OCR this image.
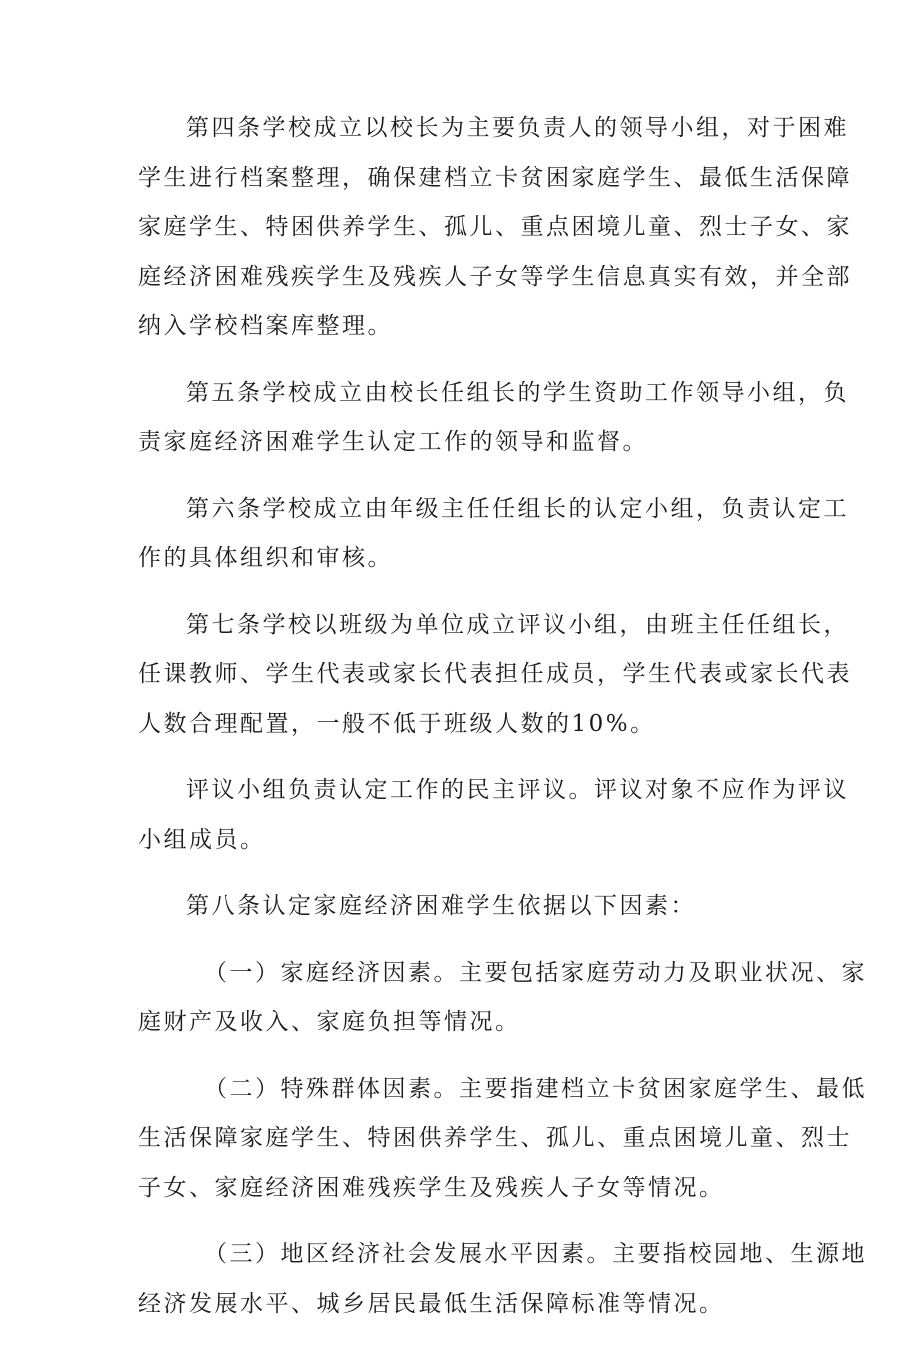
第四条学校成立以校长为主要负责人的领导小组，对于困难
学生进行档案整理，确保建档立卡贫困家庭学生、最低生活保障
家庭学生、特困供养学生、孤儿、重点困境儿童、烈士子女、家
庭经济困难残疾学生及残疾人子女等学生信息真实有效，并全部
纳入学校档案库整理。

第五条学校成立由校长任组长的学生资助工作领导小组，负
责家庭经济困难学生认定工作的领导和监督。

第六条学校成立由年级主任任组长的认定小组，负责认定工
作的具体组织和审核。

第七条学校以班级为单位成立评议小组，由班主任任组长，
任课教师、学生代表或家长代表担任成员，学生代表或家长代表
人数合理配置，一般不低于班级人数的10%。

评议小组负责认定工作的民主评议。评议对象不应作为评议
小组成员。

第八条认定家庭经济困难学生依据以下因素：

（一）家庭经济因素。主要包括家庭劳动力及职业状况、家
庭财产及收入、家庭负担等情况。

（二）特殊群体因素。主要指建档立卡贫困家庭学生、最低
生活保障家庭学生、特困供养学生、孤儿、重点困境儿童、烈士
子女、家庭经济困难残疾学生及残疾人子女等情况。

（三）地区经济社会发展水平因素。主要指校园地、生源地
经济发展水平、城乡居民最低生活保障标准等情况。
